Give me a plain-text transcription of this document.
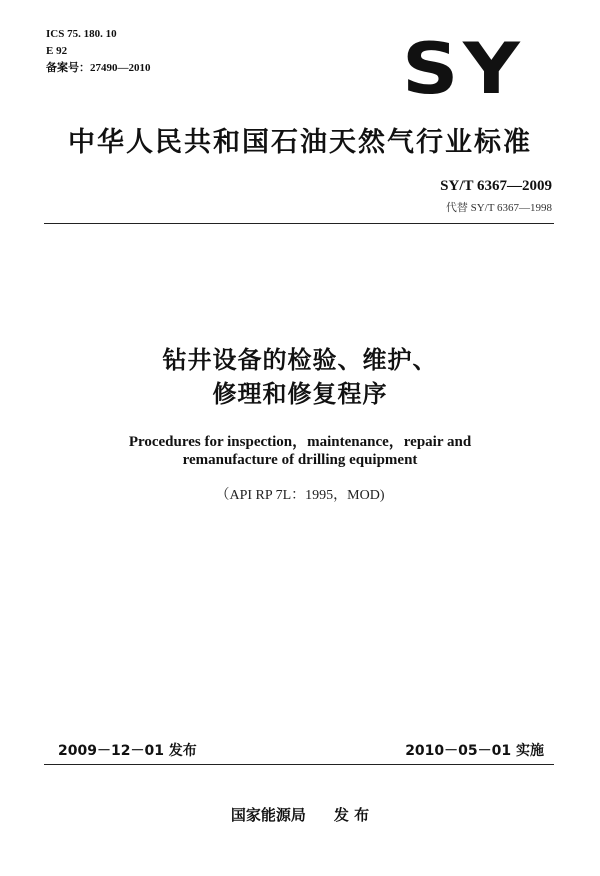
ICS 75. 180. 10
E 92
备案号：27490—2010	SY
中华人民共和国石油天然气行业标准
SY/T 6367—2009
代替 SY/T 6367—1998
钻井设备的检验、维护、
修理和修复程序
Procedures for inspection，maintenance，repair and
remanufacture of drilling equipment
（API RP 7L：1995，MOD)
2009－12－01 发布	2010－05－01 实施
国家能源局 发 布
